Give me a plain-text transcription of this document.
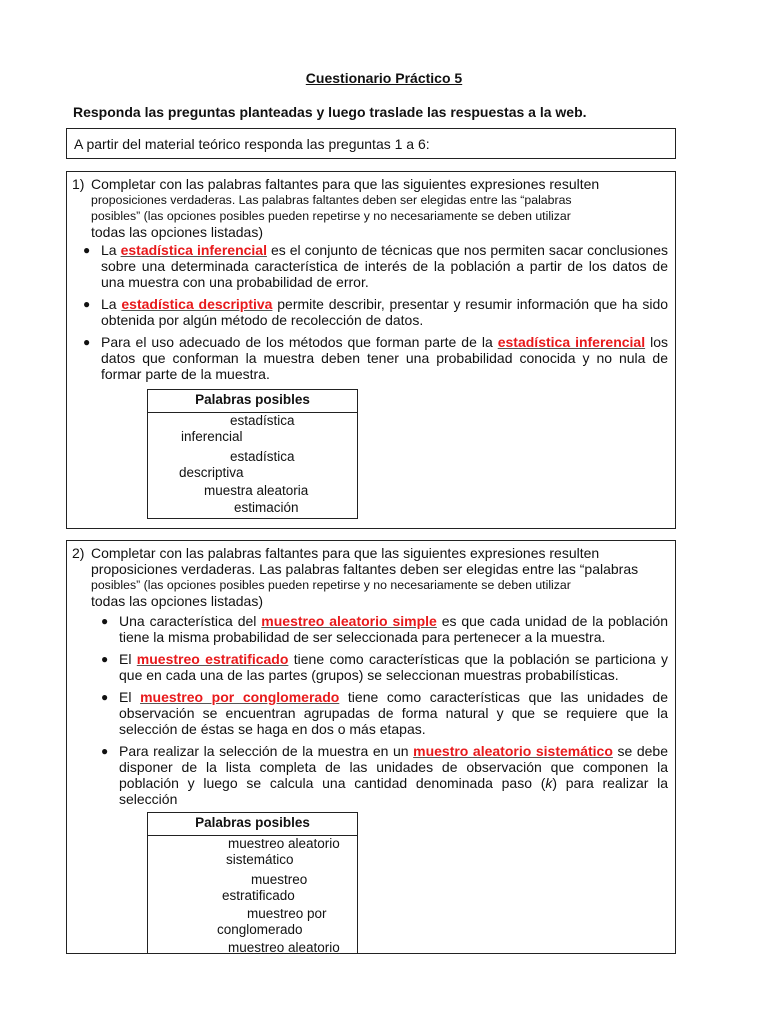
Cuestionario Práctico 5
Responda las preguntas planteadas y luego traslade las respuestas a la web.
A partir del material teórico responda las preguntas 1 a 6:
1) Completar con las palabras faltantes para que las siguientes expresiones resulten
proposiciones verdaderas. Las palabras faltantes deben ser elegidas entre las “palabras
posibles” (las opciones posibles pueden repetirse y no necesariamente se deben utilizar
todas las opciones listadas)
● La estadística inferencial es el conjunto de técnicas que nos permiten sacar conclusiones sobre una determinada característica de interés de la población a partir de los datos de una muestra con una probabilidad de error.
● La estadística descriptiva permite describir, presentar y resumir información que ha sido obtenida por algún método de recolección de datos.
● Para el uso adecuado de los métodos que forman parte de la estadística inferencial los datos que conforman la muestra deben tener una probabilidad conocida y no nula de formar parte de la muestra.
Palabras posibles
estadística
inferencial
estadística
descriptiva
muestra aleatoria
estimación
2) Completar con las palabras faltantes para que las siguientes expresiones resulten
proposiciones verdaderas. Las palabras faltantes deben ser elegidas entre las “palabras
posibles” (las opciones posibles pueden repetirse y no necesariamente se deben utilizar
todas las opciones listadas)
● Una característica del muestreo aleatorio simple es que cada unidad de la población tiene la misma probabilidad de ser seleccionada para pertenecer a la muestra.
● El muestreo estratificado tiene como características que la población se particiona y que en cada una de las partes (grupos) se seleccionan muestras probabilísticas.
● El muestreo por conglomerado tiene como características que las unidades de observación se encuentran agrupadas de forma natural y que se requiere que la selección de éstas se haga en dos o más etapas.
● Para realizar la selección de la muestra en un muestro aleatorio sistemático se debe disponer de la lista completa de las unidades de observación que componen la población y luego se calcula una cantidad denominada paso (k) para realizar la selección
Palabras posibles
muestreo aleatorio
sistemático
muestreo
estratificado
muestreo por
conglomerado
muestreo aleatorio
